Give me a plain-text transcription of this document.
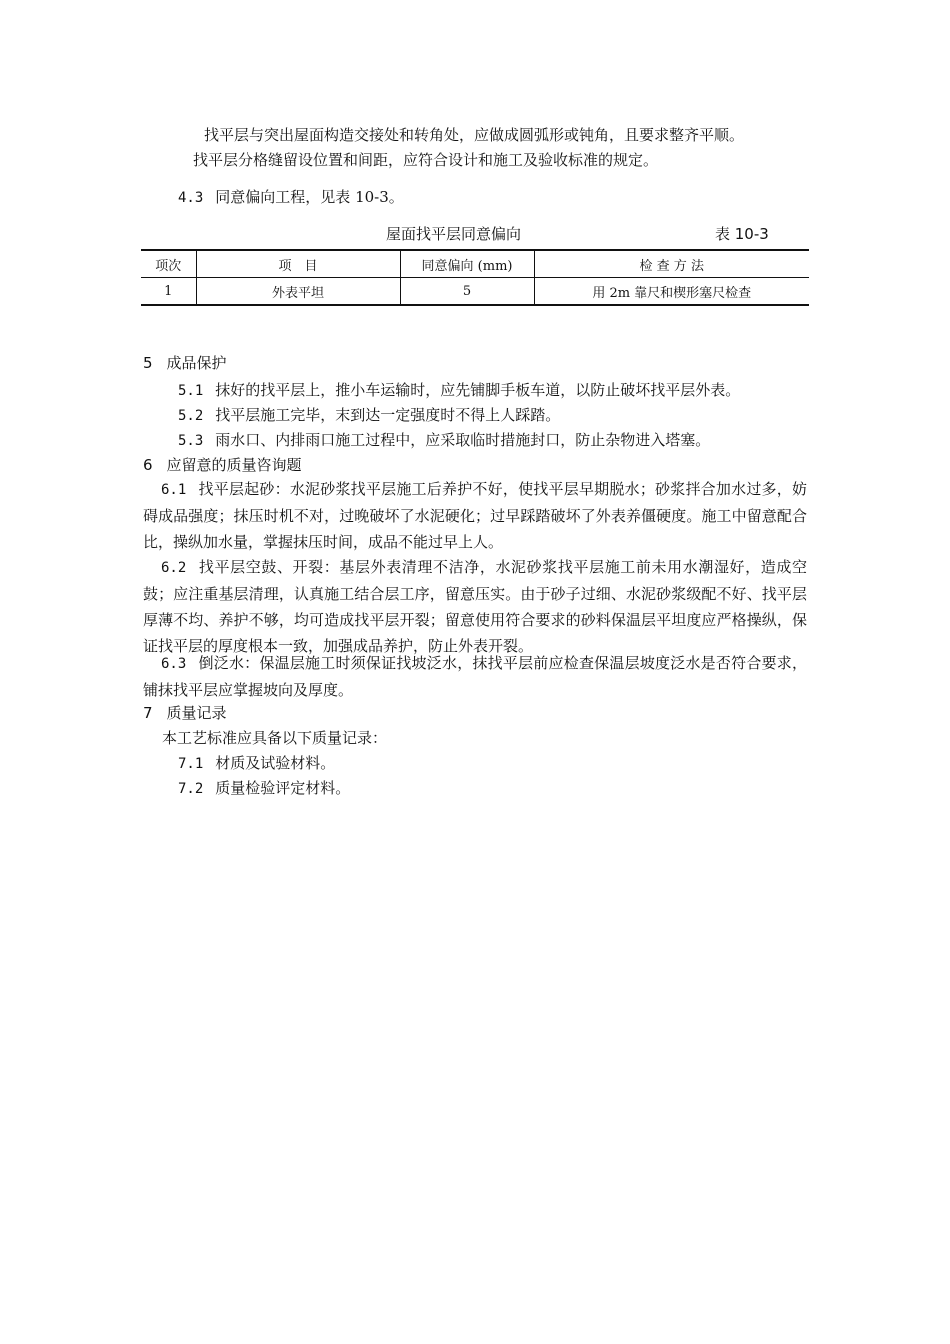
找平层与突出屋面构造交接处和转角处，应做成圆弧形或钝角，且要求整齐平顺。
找平层分格缝留设位置和间距，应符合设计和施工及验收标准的规定。
4.3 同意偏向工程，见表 10-3。
屋面找平层同意偏向	表 10-3
项次	项　目	同意偏向 (mm)	检 查 方 法
1	外表平坦	5	用 2m 靠尺和楔形塞尺检查
5 成品保护
5.1 抹好的找平层上，推小车运输时，应先铺脚手板车道，以防止破坏找平层外表。
5.2 找平层施工完毕，末到达一定强度时不得上人踩踏。
5.3 雨水口、内排雨口施工过程中，应采取临时措施封口，防止杂物进入塔塞。
6 应留意的质量咨询题
6.1 找平层起砂：水泥砂浆找平层施工后养护不好，使找平层早期脱水；砂浆拌合加水过多，妨碍成品强度；抹压时机不对，过晚破坏了水泥硬化；过早踩踏破坏了外表养僵硬度。施工中留意配合比，操纵加水量，掌握抹压时间，成品不能过早上人。
6.2 找平层空鼓、开裂：基层外表清理不洁净，水泥砂浆找平层施工前未用水潮湿好，造成空鼓；应注重基层清理，认真施工结合层工序，留意压实。由于砂子过细、水泥砂浆级配不好、找平层厚薄不均、养护不够，均可造成找平层开裂；留意使用符合要求的砂料保温层平坦度应严格操纵，保证找平层的厚度根本一致，加强成品养护，防止外表开裂。
6.3 倒泛水：保温层施工时须保证找坡泛水，抹找平层前应检查保温层坡度泛水是否符合要求，铺抹找平层应掌握坡向及厚度。
7 质量记录
本工艺标准应具备以下质量记录：
7.1 材质及试验材料。
7.2 质量检验评定材料。
